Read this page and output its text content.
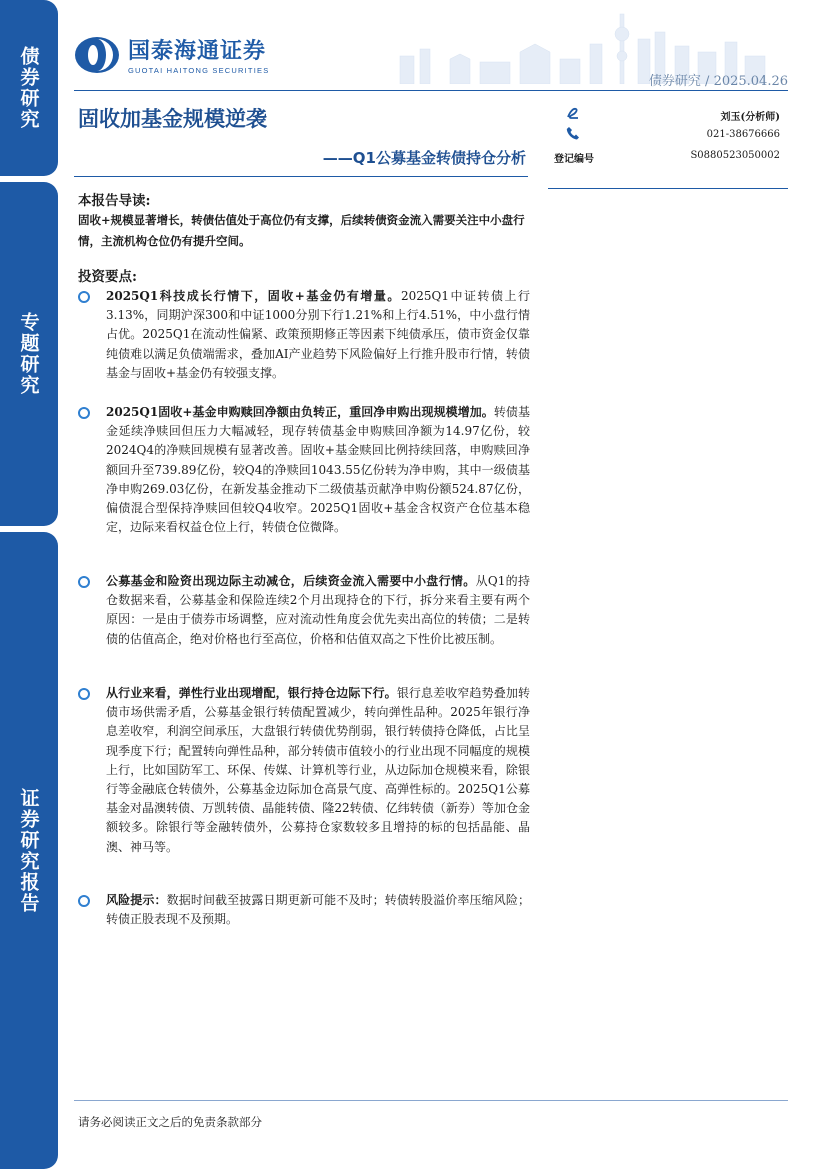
债券研究
专题研究
证券研究报告
国泰海通证券
GUOTAI HAITONG SECURITIES
债券研究 / 2025.04.26
固收加基金规模逆袭
——Q1公募基金转债持仓分析
刘玉(分析师)
021-38676666
登记编号	S0880523050002
本报告导读:
固收+规模显著增长，转债估值处于高位仍有支撑，后续转债资金流入需要关注中小盘行情，主流机构仓位仍有提升空间。
投资要点:
2025Q1科技成长行情下，固收+基金仍有增量。2025Q1中证转债上行3.13%，同期沪深300和中证1000分别下行1.21%和上行4.51%，中小盘行情占优。2025Q1在流动性偏紧、政策预期修正等因素下纯债承压，债市资金仅靠纯债难以满足负债端需求，叠加AI产业趋势下风险偏好上行推升股市行情，转债基金与固收+基金仍有较强支撑。
2025Q1固收+基金申购赎回净额由负转正，重回净申购出现规模增加。转债基金延续净赎回但压力大幅减轻，现存转债基金申购赎回净额为14.97亿份，较2024Q4的净赎回规模有显著改善。固收+基金赎回比例持续回落，申购赎回净额回升至739.89亿份，较Q4的净赎回1043.55亿份转为净申购，其中一级债基净申购269.03亿份，在新发基金推动下二级债基贡献净申购份额524.87亿份，偏债混合型保持净赎回但较Q4收窄。2025Q1固收+基金含权资产仓位基本稳定，边际来看权益仓位上行，转债仓位微降。
公募基金和险资出现边际主动减仓，后续资金流入需要中小盘行情。从Q1的持仓数据来看，公募基金和保险连续2个月出现持仓的下行，拆分来看主要有两个原因：一是由于债券市场调整，应对流动性角度会优先卖出高位的转债；二是转债的估值高企，绝对价格也行至高位，价格和估值双高之下性价比被压制。
从行业来看，弹性行业出现增配，银行持仓边际下行。银行息差收窄趋势叠加转债市场供需矛盾，公募基金银行转债配置减少，转向弹性品种。2025年银行净息差收窄，利润空间承压，大盘银行转债优势削弱，银行转债持仓降低，占比呈现季度下行；配置转向弹性品种，部分转债市值较小的行业出现不同幅度的规模上行，比如国防军工、环保、传媒、计算机等行业，从边际加仓规模来看，除银行等金融底仓转债外，公募基金边际加仓高景气度、高弹性标的。2025Q1公募基金对晶澳转债、万凯转债、晶能转债、隆22转债、亿纬转债（新券）等加仓金额较多。除银行等金融转债外，公募持仓家数较多且增持的标的包括晶能、晶澳、神马等。
风险提示：数据时间截至披露日期更新可能不及时；转债转股溢价率压缩风险；转债正股表现不及预期。
请务必阅读正文之后的免责条款部分
